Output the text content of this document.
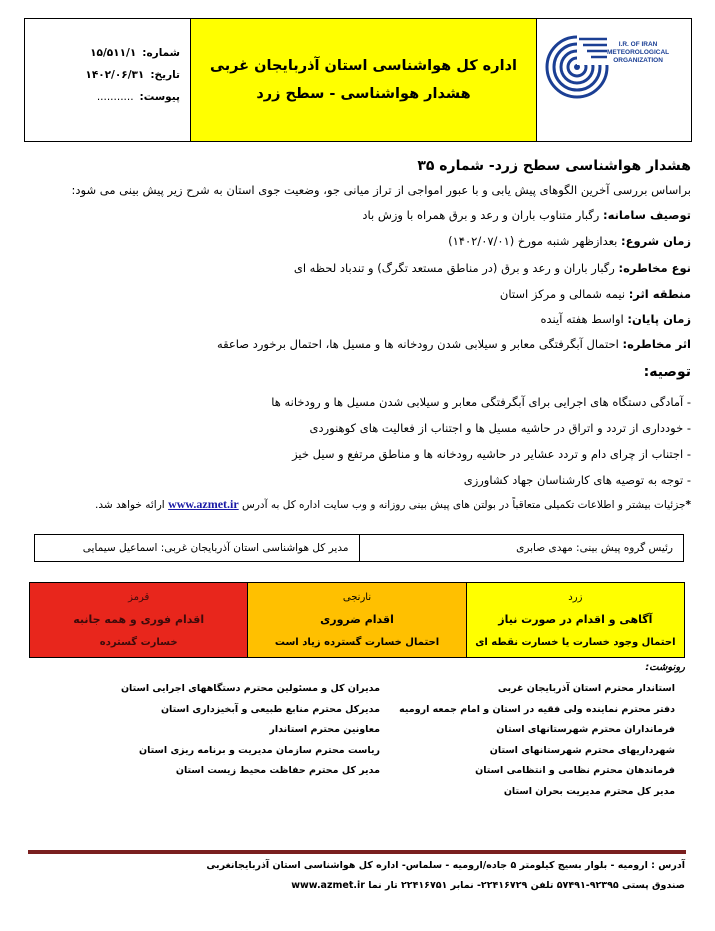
شماره:
۱۵/۵۱۱/۱
تاریخ:
۱۴۰۲/۰۶/۳۱
پیوست:
...........
اداره کل هواشناسی استان آذربایجان غربی
هشدار هواشناسی - سطح زرد
I.R. OF IRAN
METEOROLOGICAL
ORGANIZATION
هشدار هواشناسی سطح زرد- شماره ۳۵
براساس بررسی آخرین الگوهای پیش یابی و با عبور امواجی از تراز میانی جو، وضعیت جوی استان به شرح زیر پیش بینی می شود:
توصیف سامانه: رگبار متناوب باران و رعد و برق همراه با وزش باد
زمان شروع: بعدازظهر شنبه مورخ (۱۴۰۲/۰۷/۰۱)
نوع مخاطره: رگبار باران و رعد و برق (در مناطق مستعد تگرگ) و تندباد لحظه ای
منطقه اثر: نیمه شمالی و مرکز استان
زمان پایان: اواسط هفته آینده
اثر مخاطره: احتمال آبگرفتگی معابر و سیلابی شدن رودخانه ها و مسیل ها، احتمال برخورد صاعقه
توصیه:
- آمادگی دستگاه های اجرایی برای آبگرفتگی معابر و سیلابی شدن مسیل ها و رودخانه ها
- خودداری از تردد و اتراق در حاشیه مسیل ها و اجتناب از فعالیت های کوهنوردی
- اجتناب از چرای دام و تردد عشایر در حاشیه رودخانه ها و مناطق مرتفع و سیل خیز
- توجه به توصیه های کارشناسان جهاد کشاورزی
*جزئیات بیشتر و اطلاعات تکمیلی متعاقباً در بولتن های پیش بینی روزانه و وب سایت اداره کل به آدرس www.azmet.ir ارائه خواهد شد.
رئیس گروه پیش بینی: مهدی صابری
مدیر کل هواشناسی استان آذربایجان غربی: اسماعیل سیمایی
زرد
آگاهی و اقدام در صورت نیاز
احتمال وجود خسارت یا خسارت نقطه ای
نارنجی
اقدام ضروری
احتمال خسارت گسترده زیاد است
قرمز
اقدام فوری و همه جانبه
خسارت گسترده
رونوشت:
استاندار محترم استان آذربایجان غربی
دفتر محترم نماینده ولی فقیه در استان و امام جمعه ارومیه
فرمانداران محترم شهرستانهای استان
شهرداریهای محترم شهرستانهای استان
فرماندهان محترم نظامی و انتظامی استان
مدیر کل محترم مدیریت بحران استان
مدیران کل و مسئولین محترم دستگاههای اجرایی استان
مدیرکل محترم منابع طبیعی و آبخیزداری استان
معاونین محترم استاندار
ریاست محترم سازمان مدیریت و برنامه ریزی استان
مدیر کل محترم حفاظت محیط زیست استان
آدرس : ارومیه - بلوار بسیج کیلومتر ۵ جاده/ارومیه - سلماس- اداره کل هواشناسی استان آذربایجانغربی
صندوق پستی ۹۲۳۹۵-۵۷۴۹۱ تلفن ۲۲۴۱۶۷۲۹- نمابر ۲۲۴۱۶۷۵۱ تار نما www.azmet.ir
